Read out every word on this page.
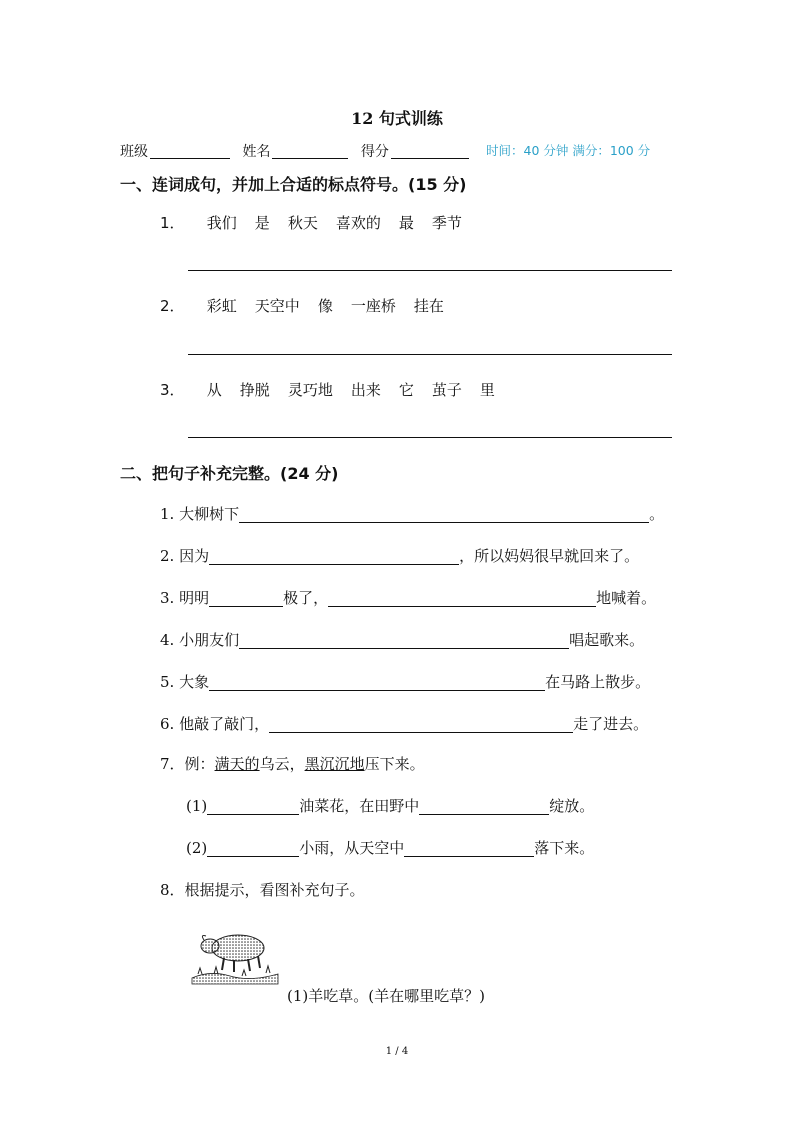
12 句式训练
班级	姓名	得分	时间：40 分钟 满分：100 分
一、连词成句，并加上合适的标点符号。(15 分)
1． 我们 是 秋天 喜欢的 最 季节
2． 彩虹 天空中 像 一座桥 挂在
3． 从 挣脱 灵巧地 出来 它 茧子 里
二、把句子补充完整。(24 分)
1. 大柳树下	。
2. 因为	，所以妈妈很早就回来了。
3. 明明	极了，	地喊着。
4. 小朋友们	唱起歌来。
5. 大象	在马路上散步。
6. 他敲了敲门，	走了进去。
7．例：满天的乌云，黑沉沉地压下来。
(1)	油菜花，在田野中	绽放。
(2)	小雨，从天空中	落下来。
8．根据提示，看图补充句子。
(1)羊吃草。(羊在哪里吃草？)
1 / 4
